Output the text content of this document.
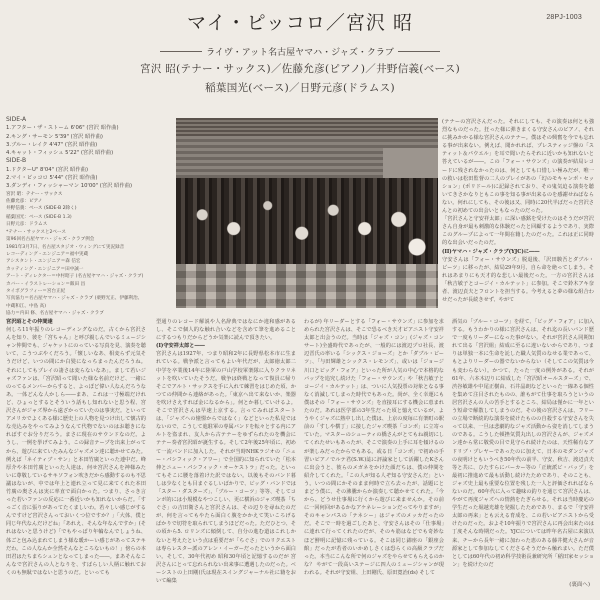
28PJ-1003
マイ・ピッコロ／宮沢 昭
ライヴ・アット名古屋ヤマハ・ジャズ・クラブ
宮沢 昭(テナー・サックス)／佐藤允彦(ピアノ)／井野信義(ベース)
稲葉国光(ベース)／日野元彦(ドラムス)
SIDE-A
1.アフター・ザ・ストーム 6'06" (宮沢 昭作曲)
2.キング・サーモン 5'39" (宮沢 昭作曲)
3.ブルー・レイク 4'47" (宮沢 昭作曲)
4.キャット・フィッシュ 5'22" (宮沢 昭作曲)
SIDE-B
1.ドクターU" 8'04" (宮沢 昭作曲)
2.マイ・ピッコロ 5'44" (宮沢 昭作曲)
3.ダンディ・フィッシャーマン 10'00" (宮沢 昭作曲)
宮沢 昭：テナー・サックス
佐藤允彦：ピアノ
井野信義：ベース (SIDE-B 2除く)
稲葉国光：ベース (SIDE-B 1.3)
日野元彦：ドラムス
*テナー・サックスと2ベース
第96回名古屋ヤマハ・ジャズ・クラブ例会
1981年3月7日、名古屋スタジオ・ウィングにて実況録音
レコーディング・エンジニア＝福中実蔵
アシスタント・エンジニア＝森 信宏
カッティング・エンジニア＝田中誠一
アート・ディレクター＝中村昭子 (名古屋ヤマハ・ジャズ・クラブ)
カバー・イラストレーション＝飯田 昌
タイポグラフィー＝宮台正紀
写真協力＝名古屋ヤマハ・ジャズ・クラブ (栗野光正、伊藤利治、
中蔵和江、中島 高)
協力＝内田 修、名古屋ヤマハ・ジャズ・クラブ

(テナーの宮沢さんだった。それにしても、その演奏は何とも強烈なものだった。狂った様に弾きまくる守安さんのピアノ、それに挑みかかる様な宮沢さんのテナー。僕はその興奮を今でも忘れる事が出来ない。例えば、聞かれれば、プレスティッジ盤の「スティット＆パウエル」を耳で聞いたらそれに近いかも知れないと答えているが――。この「フォー・サウンズ」の演奏が結局レコードに残されなかったのは、何としても口惜しい極みだが、唯一の救いは松田監督の二人のプレイがあの「幻のモキャンボ・セッション」(ポリドール)に記録されており、その鬼気迫る演奏を聴いてきさかなりともこの事を知る事が出来るのを感謝せねばならない。何れにしても、その後は又、同時に20代半ばだった宮沢さんとの初めての出会いともなったのだった。

「宮沢さんと守安祥太郎」に深い感銘を受けたのはそうだが宮沢さん自身が最も刺激的な体験だったと回顧するようであり、実際このグループによって一年間在籍したのだった。これは正に同時的な出会いだったのだ。

(II)ヤマハ・ジャズ・クラブ(YJC)に――

守安さんは「フォー・サウンズ」脱退後、「沢田駿吾とダブル・ビーツ」に移ったが、結局29年9月、自ら命を絶ってしまう。それはあまりにも天才的な悲しい最後だった。一方の宮沢さんは「秋吉敏子とコージイ・カルテット」に参加。そこで鈴木アキ奈者、渡辺貞夫とフロントを担当する。今考えると夢の様な組合わせだったが長続きせず、やがて

宮沢昭とその仲間達

何しろ11年振りのレコーディングなのだ。古くから宮沢さんを知り、彼を「宮ちゃん」と呼び親しんでいるミュージシャン仲間でも、ジャケットにのっている写真を見、演奏を聴いて、こうつぶやくだろう。「懐しいなあ、相変らず元気そうだけど、いつの間にか白髪になっちまったんだろうね。それにしてもプレイの凄さは変らないなあ」。まして若いジャズファンは、「宮沢昭って聞いた様な名前だけど、一緒にのってるメンバーからすると、よっぽど偉い人なんだろうなあ。一体どんな人かしら――まあ、これは一寸極端だけれど、ひょっとするとそういう話もし知れないと思う程、宮沢さんがジャズ界から遠ざかっていたのは事実だ。といってアメリカでよくある様に歴史上の人物を見つけ出して懐古的な売込みをやってみようなんて代物でないのはお聴きになればすぐお分りだろう。まさに現在のサウンドなのだ。ようし、一例を挙げてみよう。この録音テープを出来上がってから、遊びに来ていたみんなジャズメン達に聴かせてみた。例えば「ネイティブ・サン」と本田竹廣といった連中だ。峰厚介や本田竹廣といった人達は、何せ宮沢さんを神様みたいに尊敬しているサキソフォン吹きだから感動するのも不思議はないが、中では年上と連れ立って見に来てくれた本田竹廣の奥さんは実に率直で面白かった。つまり、さっき言った若いファンの反応に一番近いかも知れないからだ。「すっごく音に張りがあってたくましいわ。若々しい感じがするんですけど宮沢さんっておいくつ位ですか？」「大体、僕と同じ年代なんだけどね」「あれえ、そんな年なんですか」(それはないと思うけど)「でもやっぱり年輪なんでしょうね、体ごと包み込まれてしまう様な暖かーい感じがあってステキだわ。この人なんか全然そんなところないもの！」傍らの本田君はたちまちシュンとなってしまった――。まあそんなこんなで宮沢さんの人となりを、すばらしい人柄に触れておくのも無駄ではないと思うのだ。といっても

型通りのレコード解説や人名辞典ではなにか違和感があるし、そこで個人的な触れ合いなどを含めて筆を進めることにするつもりだからどうか気楽に読んで頂きたい。

(I)守安祥太郎と――

宮沢さんは1927年、つまり昭和2年に長野県松本市に生まれている。戦争派と言ってもよい年代だが、太郎徳太郎二中学を卒業後14年に陸軍の戸山学校軍楽隊に入りクラリネットを吹いていたそうだ。戦争は終戦となって復員に帰りそこでアルト・サックスを手に入れて練習をはじめた頃、かつての仲間から連絡があった。「東京へ出て来ないか、楽器を吹けさえすれば金になるから」。何とか暮していけるよ。そこで宮沢さんは早速上京する。言ってみればスタートは、「ジャズへの憧憬からではなく」などといった私見ではないので、こうして進駐軍の専属バンドを転々とする内にアルトを盗まれ、友人から古テナーをゆずられたのを機会にテナー奏者宮沢昭が誕生する。そして2年後25年頃に、初めて一流バンドに加入した。それが当時NHKラジオの「ニュー・パシフィック・アワー」で全国的に知られていた「松本伸とニュー・パシフィック・オーケストラ」だった。といってもそこに腰を落着けた訳ではない。以後もそのバンド暮しは少なくとも目まぐるしいばかりで、ビッグ・バンドでは「スター・ダスターズ」、「ブルー・コーツ」等等、そしてコンボ的には小規模なやつこしい、更に横浜のジャズ喫茶「ちぐさ」の吉田衛さんと宮沢さんは、その辺りを尋ねたのだが、何を言ってもやたら面白く腹をかかえて笑いころげるばかりで切符を取られてしまうほどだった。ただひとつ、その頃から5. ロリンズに傾倒して、自分の進む道はこれしかないと考えたという点は重要だが「ちぐさ」でのリクエストは専らレスター派のアレン・イーガーだったというから面白い。そして、30年代初め 昭和30年頃と記憶するのだが 宮沢さんにとって忘れられない出来事に遭遇したのだった。ベーシストの上田剛(氏は現在スイングジャーナル社に籍をおいて編集

わるが) 年リーダーとする「フォー・サウンズ」に参加を求められた宮沢さんは、そこで恐るべき天才ピアニスト守安祥太郎と出会うのだ。当時は「ジャズ・コン」(ジャズ・コンサート)全盛時代であったが、一般的には渡辺プロ社長、渡辺晋氏の率いる「シックス・ジョーズ」とか「ダブル・ビーツ」、「与田輝雄とシックス・レモンズ」、或いは「ジョージ川口とビッグ・フォア」といった所が人気の中心で本格的なバップを追究し続けた「フォー・サウンズ」や「秋吉敏子とコージイ・カルテット」は、ついに人気投票の対象となる事なく消滅してしまった時代でもあった。尚が、全く幸運にも僕はその「フォー・サウンズ」を直接耳にする機会に恵まれたのだ。あれは医学部の3年生だった頃と憶えているが、ようやくジャズに熱中し出した僕は、上京の度毎に有楽町の駅前の「すしや横丁」に接したジャズ喫茶「コンボ」に立寄っていた。マスターのシューティの橋さんがとてもね親切にしてくれたせいもあったが、そこで演奏の上手に耳を傾けるのが楽しみだったからでもある。或る日「コンボ」で初めの手習いピアノでルテ君(S.W.)誌に評論家として活躍したKさんに出会うと、彼らのメガネをかけた顔だちは、僕の仲間を紹介してくれた。「この人が知る人ぞ知る守安さんだ」という。いつの間にかそのまま何時で立ち去ったが、話題にとまどう僕に、その沸騰からか演奏して聴かせてくれた。「今から、どうせ仕事場に行くから遊びに来ませんか。その前に一回何回があるかなアケネレーションだってやりますが」そのキャンパスの「テネシー」はジャズのメッカだったのだ。そこで一時を過ごしたあと、守安さんはその「仕事場」に連れて行ってくれたのだが、そのキ筋はなどでも奇妙なほど鮮明に記憶に残っている。そこは同じ錦座の「銀座会館」だったが若者のいかめしさくは恐らくの高級クラブだった。本当にこんな所で何のジャズをやらせてもらえるのかな？ やがて一段高いステージに四人のミュージシャンが現われる。それが守安組、上田剛氏、原田寛治(ds) そして

酒気の「ブルー・コーツ」を経て、「ビッグ・フォア」に加入する。もうわかりの様に宮沢さんは、それ迄の長いバンド歴で一度もリーダーになった事がない。それが宮沢さん同期知れて出る「宮沢組」結成に至るに違いないからであり、つまりは単独一本に生命を託した職人気質のなせる業であって、もとよりリーダーの器でないからない（そしてこの気質は今も変わらない）。かつて、たった一度の例外がある。それが61年、六本木辺りに結成した「宮沢昭オールスターズ」で、渋谷敏雄や中尾正樹由、石井晶朗などといった一線ある個性を集めて注目されたものの、誰もがて仕事を取ろうというの居宮沢さんの人の苦手とするところ、結局は僅かに一年という短命で解散してしまうのだ。その後の宮沢さんは、フリーの立場で断続的な演奏を続けたものの自殺する守安さんを失って以来、一旦は悲劇的なジャズ活動から姿を消してしまうのである。こうした頓挫気質丸出しの宮沢さんが、ジャズメン達から常に敬愛の目で見守られ続けたのは、天性稀有なアドリブ・プレヤーであったのに加えて、日本のモダンジャズの夜明けともいうべき50年代の前半、守安、秋吉、渡辺貞夫等と共に、ひたすらにバーカー等の「正統派ビ・バップ」を最初に推進めて最も活動し続けたためであり、そのことも、ジャズ史上最も重要な位置を残した一人と評価されればならないのだ。60年代に入って趣味の釣りを通じて宮沢さんは、やがて再度ジャズへの情熱をたぎらせる。それは当時慶応の学生だった堀越光雄を発掘したためであり、まるで「守安祥太郎の再来」とも云える育成を、この若いピアニストから受けたのだった。およそ10年振りで宮沢さんに再会出来たのは丁度そんな時期だった。YJCについては昨年名古屋に来演以来、チーから長年一緒に加わった恵のある藤井健大さんが音源家として参加なしてくださるそうだから触れまい。ただ僕としては60年代の初め科学技術長兼研究所「稲田家セッション」を続けたのだ

(裏面へ)
